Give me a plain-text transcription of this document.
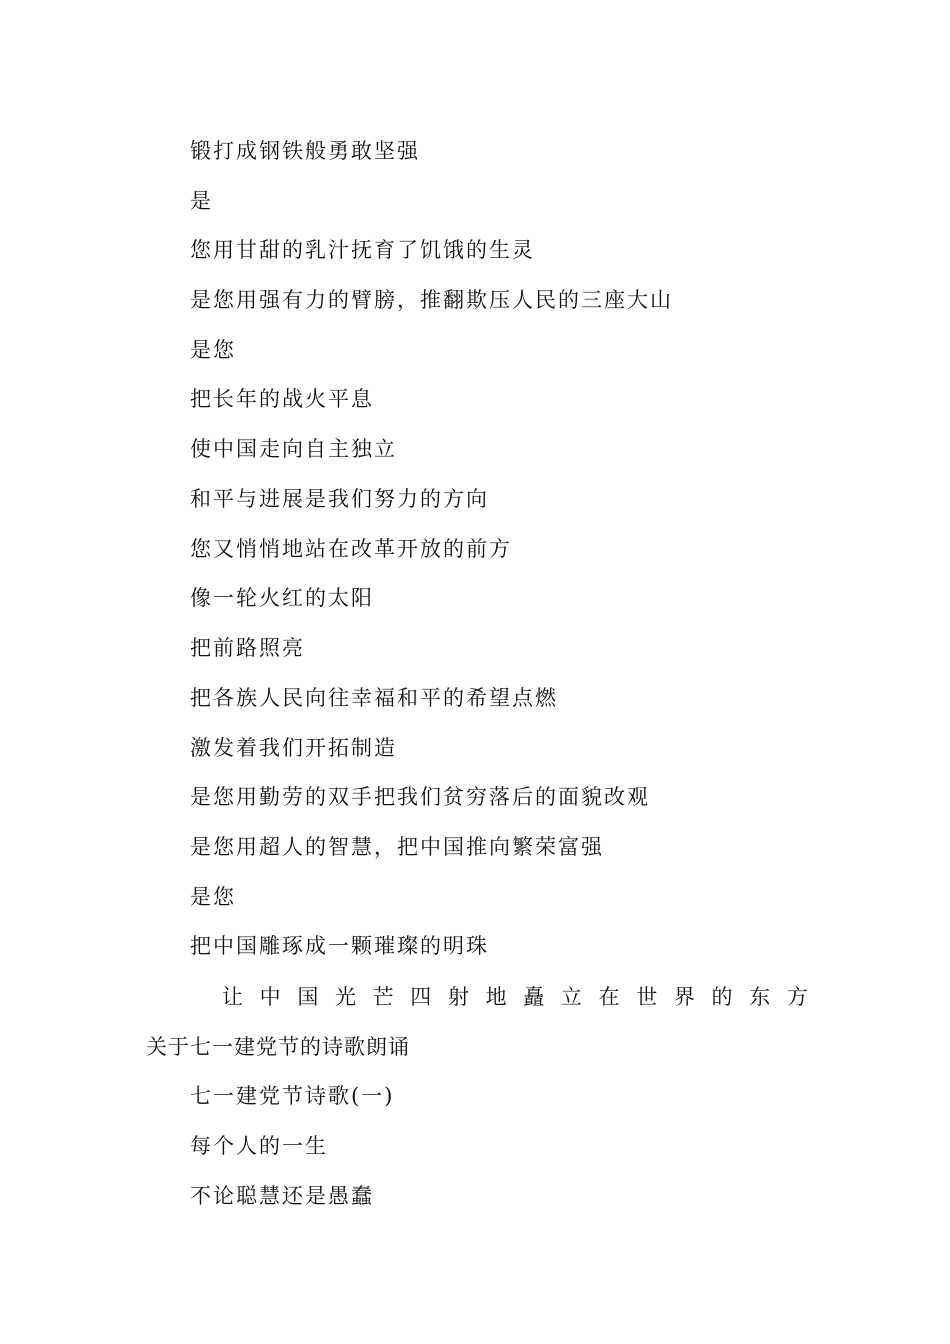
锻打成钢铁般勇敢坚强
是
您用甘甜的乳汁抚育了饥饿的生灵
是您用强有力的臂膀，推翻欺压人民的三座大山
是您
把长年的战火平息
使中国走向自主独立
和平与进展是我们努力的方向
您又悄悄地站在改革开放的前方
像一轮火红的太阳
把前路照亮
把各族人民向往幸福和平的希望点燃
激发着我们开拓制造
是您用勤劳的双手把我们贫穷落后的面貌改观
是您用超人的智慧，把中国推向繁荣富强
是您
把中国雕琢成一颗璀璨的明珠
让 中 国 光 芒 四 射 地 矗 立 在 世 界 的 东 方
关于七一建党节的诗歌朗诵
七一建党节诗歌(一)
每个人的一生
不论聪慧还是愚蠢
